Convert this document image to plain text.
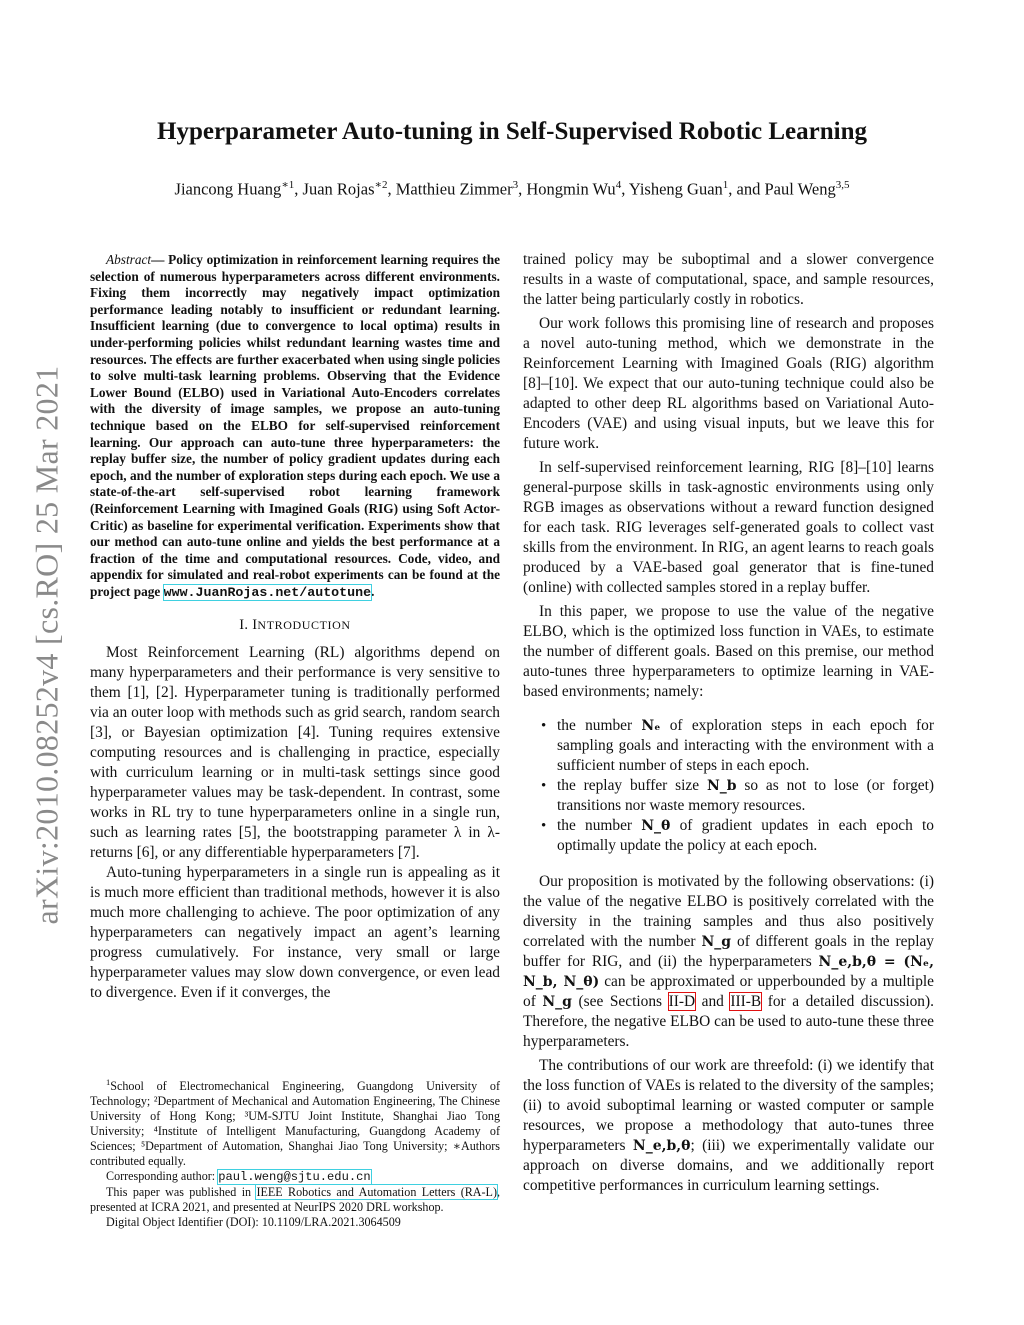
arXiv:2010.08252v4 [cs.RO] 25 Mar 2021
Hyperparameter Auto-tuning in Self-Supervised Robotic Learning
Jiancong Huang$^{∗1}$, Juan Rojas$^{∗2}$, Matthieu Zimmer$^3$, Hongmin Wu$^4$, Yisheng Guan$^1$, and Paul Weng$^{3,5}$

Abstract— Policy optimization in reinforcement learning requires the selection of numerous hyperparameters across different environments. Fixing them incorrectly may negatively impact optimization performance leading notably to insufficient or redundant learning. Insufficient learning (due to convergence to local optima) results in under-performing policies whilst redundant learning wastes time and resources. The effects are further exacerbated when using single policies to solve multi-task learning problems. Observing that the Evidence Lower Bound (ELBO) used in Variational Auto-Encoders correlates with the diversity of image samples, we propose an auto-tuning technique based on the ELBO for self-supervised reinforcement learning. Our approach can auto-tune three hyperparameters: the replay buffer size, the number of policy gradient updates during each epoch, and the number of exploration steps during each epoch. We use a state-of-the-art self-supervised robot learning framework (Reinforcement Learning with Imagined Goals (RIG) using Soft Actor-Critic) as baseline for experimental verification. Experiments show that our method can auto-tune online and yields the best performance at a fraction of the time and computational resources. Code, video, and appendix for simulated and real-robot experiments can be found at the project page www.JuanRojas.net/autotune.

I. INTRODUCTION

Most Reinforcement Learning (RL) algorithms depend on many hyperparameters and their performance is very sensitive to them [1], [2]. Hyperparameter tuning is traditionally performed via an outer loop with methods such as grid search, random search [3], or Bayesian optimization [4]. Tuning requires extensive computing resources and is challenging in practice, especially with curriculum learning or in multi-task settings since good hyperparameter values may be task-dependent. In contrast, some works in RL try to tune hyperparameters online in a single run, such as learning rates [5], the bootstrapping parameter λ in λ-returns [6], or any differentiable hyperparameters [7].

Auto-tuning hyperparameters in a single run is appealing as it is much more efficient than traditional methods, however it is also much more challenging to achieve. The poor optimization of any hyperparameters can negatively impact an agent’s learning progress cumulatively. For instance, very small or large hyperparameter values may slow down convergence, or even lead to divergence. Even if it converges, the

$^1$School of Electromechanical Engineering, Guangdong University of Technology; ²Department of Mechanical and Automation Engineering, The Chinese University of Hong Kong; ³UM-SJTU Joint Institute, Shanghai Jiao Tong University; ⁴Institute of Intelligent Manufacturing, Guangdong Academy of Sciences; ⁵Department of Automation, Shanghai Jiao Tong University; ∗Authors contributed equally.

Corresponding author: paul.weng@sjtu.edu.cn

This paper was published in IEEE Robotics and Automation Letters (RA-L), presented at ICRA 2021, and presented at NeurIPS 2020 DRL workshop.

Digital Object Identifier (DOI): 10.1109/LRA.2021.3064509

trained policy may be suboptimal and a slower convergence results in a waste of computational, space, and sample resources, the latter being particularly costly in robotics.

Our work follows this promising line of research and proposes a novel auto-tuning method, which we demonstrate in the Reinforcement Learning with Imagined Goals (RIG) algorithm [8]–[10]. We expect that our auto-tuning technique could also be adapted to other deep RL algorithms based on Variational Auto-Encoders (VAE) and using visual inputs, but we leave this for future work.

In self-supervised reinforcement learning, RIG [8]–[10] learns general-purpose skills in task-agnostic environments using only RGB images as observations without a reward function designed for each task. RIG leverages self-generated goals to collect vast skills from the environment. In RIG, an agent learns to reach goals produced by a VAE-based goal generator that is fine-tuned (online) with collected samples stored in a replay buffer.

In this paper, we propose to use the value of the negative ELBO, which is the optimized loss function in VAEs, to estimate the number of different goals. Based on this premise, our method auto-tunes three hyperparameters to optimize learning in VAE-based environments; namely:

• the number Nₑ of exploration steps in each epoch for sampling goals and interacting with the environment with a sufficient number of steps in each epoch.
• the replay buffer size N_b so as not to lose (or forget) transitions nor waste memory resources.
• the number N_θ of gradient updates in each epoch to optimally update the policy at each epoch.

Our proposition is motivated by the following observations: (i) the value of the negative ELBO is positively correlated with the diversity in the training samples and thus also positively correlated with the number N_g of different goals in the replay buffer for RIG, and (ii) the hyperparameters N_e,b,θ = (Nₑ, N_b, N_θ) can be approximated or upperbounded by a multiple of N_g (see Sections II-D and III-B for a detailed discussion). Therefore, the negative ELBO can be used to auto-tune these three hyperparameters.

The contributions of our work are threefold: (i) we identify that the loss function of VAEs is related to the diversity of the samples; (ii) to avoid suboptimal learning or wasted computer or sample resources, we propose a methodology that auto-tunes three hyperparameters N_e,b,θ; (iii) we experimentally validate our approach on diverse domains, and we additionally report competitive performances in curriculum learning settings.
